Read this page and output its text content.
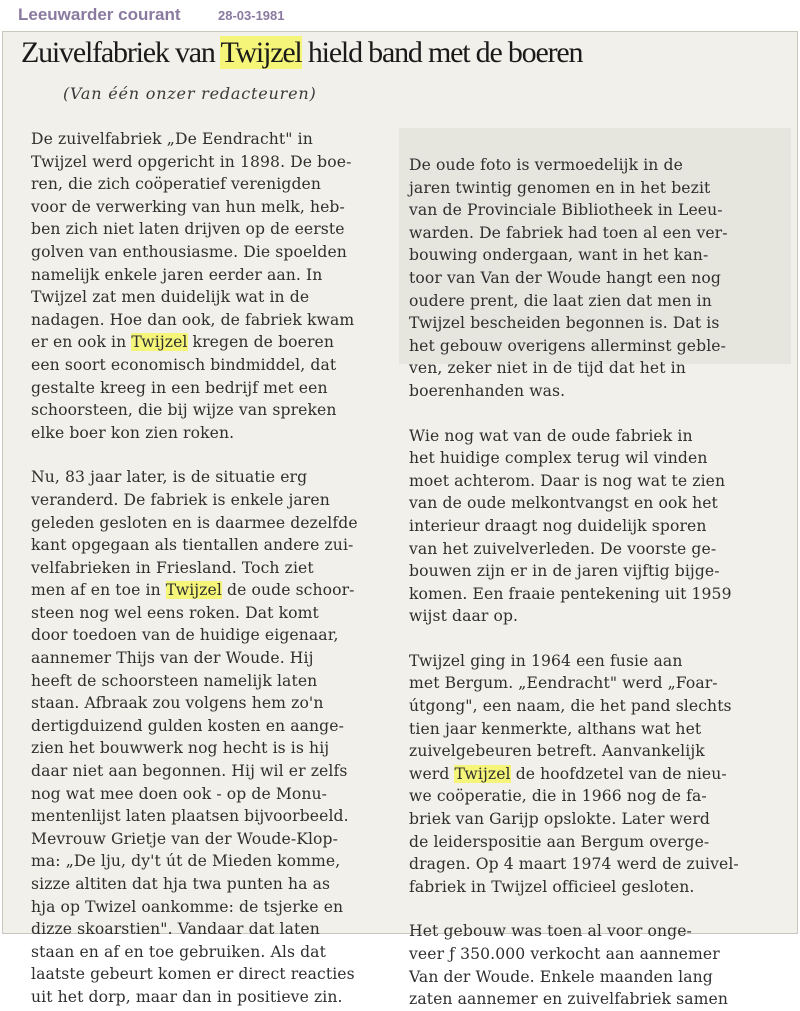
Leeuwarder courant	28-03-1981
Zuivelfabriek van Twijzel hield band met de boeren
(Van één onzer redacteuren)
De zuivelfabriek „De Eendracht" in
Twijzel werd opgericht in 1898. De boe-
ren, die zich coöperatief verenigden
voor de verwerking van hun melk, heb-
ben zich niet laten drijven op de eerste
golven van enthousiasme. Die spoelden
namelijk enkele jaren eerder aan. In
Twijzel zat men duidelijk wat in de
nadagen. Hoe dan ook, de fabriek kwam
er en ook in Twijzel kregen de boeren
een soort economisch bindmiddel, dat
gestalte kreeg in een bedrijf met een
schoorsteen, die bij wijze van spreken
elke boer kon zien roken.
Nu, 83 jaar later, is de situatie erg
veranderd. De fabriek is enkele jaren
geleden gesloten en is daarmee dezelfde
kant opgegaan als tientallen andere zui-
velfabrieken in Friesland. Toch ziet
men af en toe in Twijzel de oude schoor-
steen nog wel eens roken. Dat komt
door toedoen van de huidige eigenaar,
aannemer Thijs van der Woude. Hij
heeft de schoorsteen namelijk laten
staan. Afbraak zou volgens hem zo'n
dertigduizend gulden kosten en aange-
zien het bouwwerk nog hecht is is hij
daar niet aan begonnen. Hij wil er zelfs
nog wat mee doen ook - op de Monu-
mentenlijst laten plaatsen bijvoorbeeld.
Mevrouw Grietje van der Woude-Klop-
ma: „De lju, dy't út de Mieden komme,
sizze altiten dat hja twa punten ha as
hja op Twizel oankomme: de tsjerke en
dizze skoarstien". Vandaar dat laten
staan en af en toe gebruiken. Als dat
laatste gebeurt komen er direct reacties
uit het dorp, maar dan in positieve zin.
De oude foto is vermoedelijk in de
jaren twintig genomen en in het bezit
van de Provinciale Bibliotheek in Leeu-
warden. De fabriek had toen al een ver-
bouwing ondergaan, want in het kan-
toor van Van der Woude hangt een nog
oudere prent, die laat zien dat men in
Twijzel bescheiden begonnen is. Dat is
het gebouw overigens allerminst geble-
ven, zeker niet in de tijd dat het in
boerenhanden was.
Wie nog wat van de oude fabriek in
het huidige complex terug wil vinden
moet achterom. Daar is nog wat te zien
van de oude melkontvangst en ook het
interieur draagt nog duidelijk sporen
van het zuivelverleden. De voorste ge-
bouwen zijn er in de jaren vijftig bijge-
komen. Een fraaie pentekening uit 1959
wijst daar op.
Twijzel ging in 1964 een fusie aan
met Bergum. „Eendracht" werd „Foar-
útgong", een naam, die het pand slechts
tien jaar kenmerkte, althans wat het
zuivelgebeuren betreft. Aanvankelijk
werd Twijzel de hoofdzetel van de nieu-
we coöperatie, die in 1966 nog de fa-
briek van Garijp opslokte. Later werd
de leiderspositie aan Bergum overge-
dragen. Op 4 maart 1974 werd de zuivel-
fabriek in Twijzel officieel gesloten.
Het gebouw was toen al voor onge-
veer ƒ 350.000 verkocht aan aannemer
Van der Woude. Enkele maanden lang
zaten aannemer en zuivelfabriek samen
